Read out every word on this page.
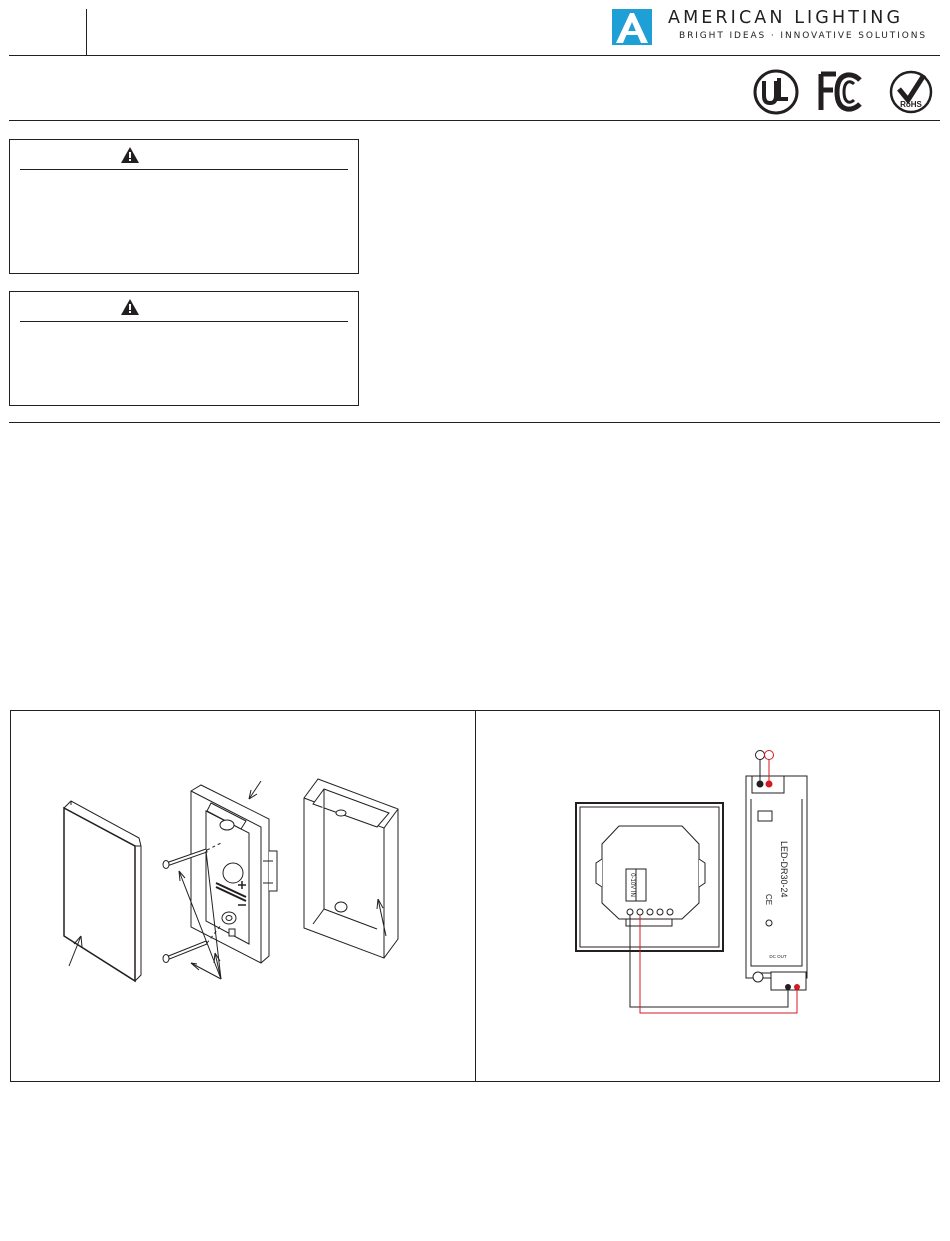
AMERICAN LIGHTING
BRIGHT IDEAS · INNOVATIVE SOLUTIONS
RoHS
0-10V IN	LED-DR30-24
CE
DC OUT
